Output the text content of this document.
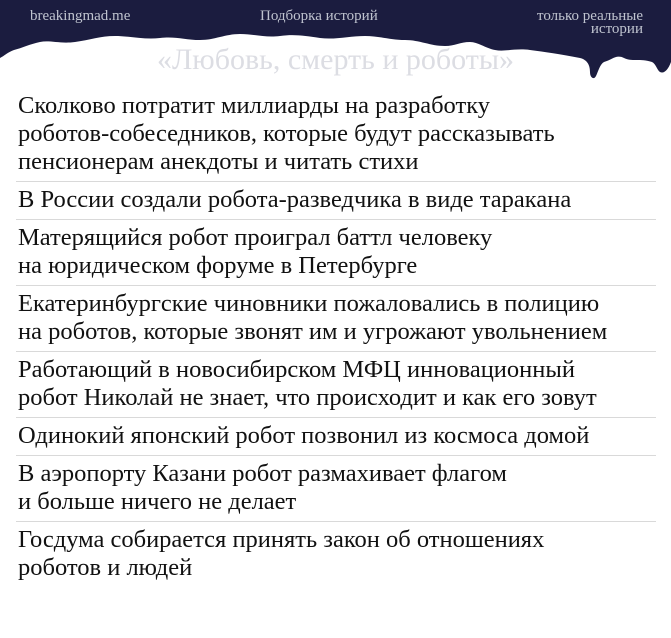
breakingmad.me	Подборка историй	только реальные истории
«Любовь, смерть и роботы»
Сколково потратит миллиарды на разработку
роботов-собеседников, которые будут рассказывать
пенсионерам анекдоты и читать стихи
В России создали робота-разведчика в виде таракана
Матерящийся робот проиграл баттл человеку
на юридическом форуме в Петербурге
Екатеринбургские чиновники пожаловались в полицию
на роботов, которые звонят им и угрожают увольнением
Работающий в новосибирском МФЦ инновационный
робот Николай не знает, что происходит и как его зовут
Одинокий японский робот позвонил из космоса домой
В аэропорту Казани робот размахивает флагом
и больше ничего не делает
Госдума собирается принять закон об отношениях
роботов и людей
